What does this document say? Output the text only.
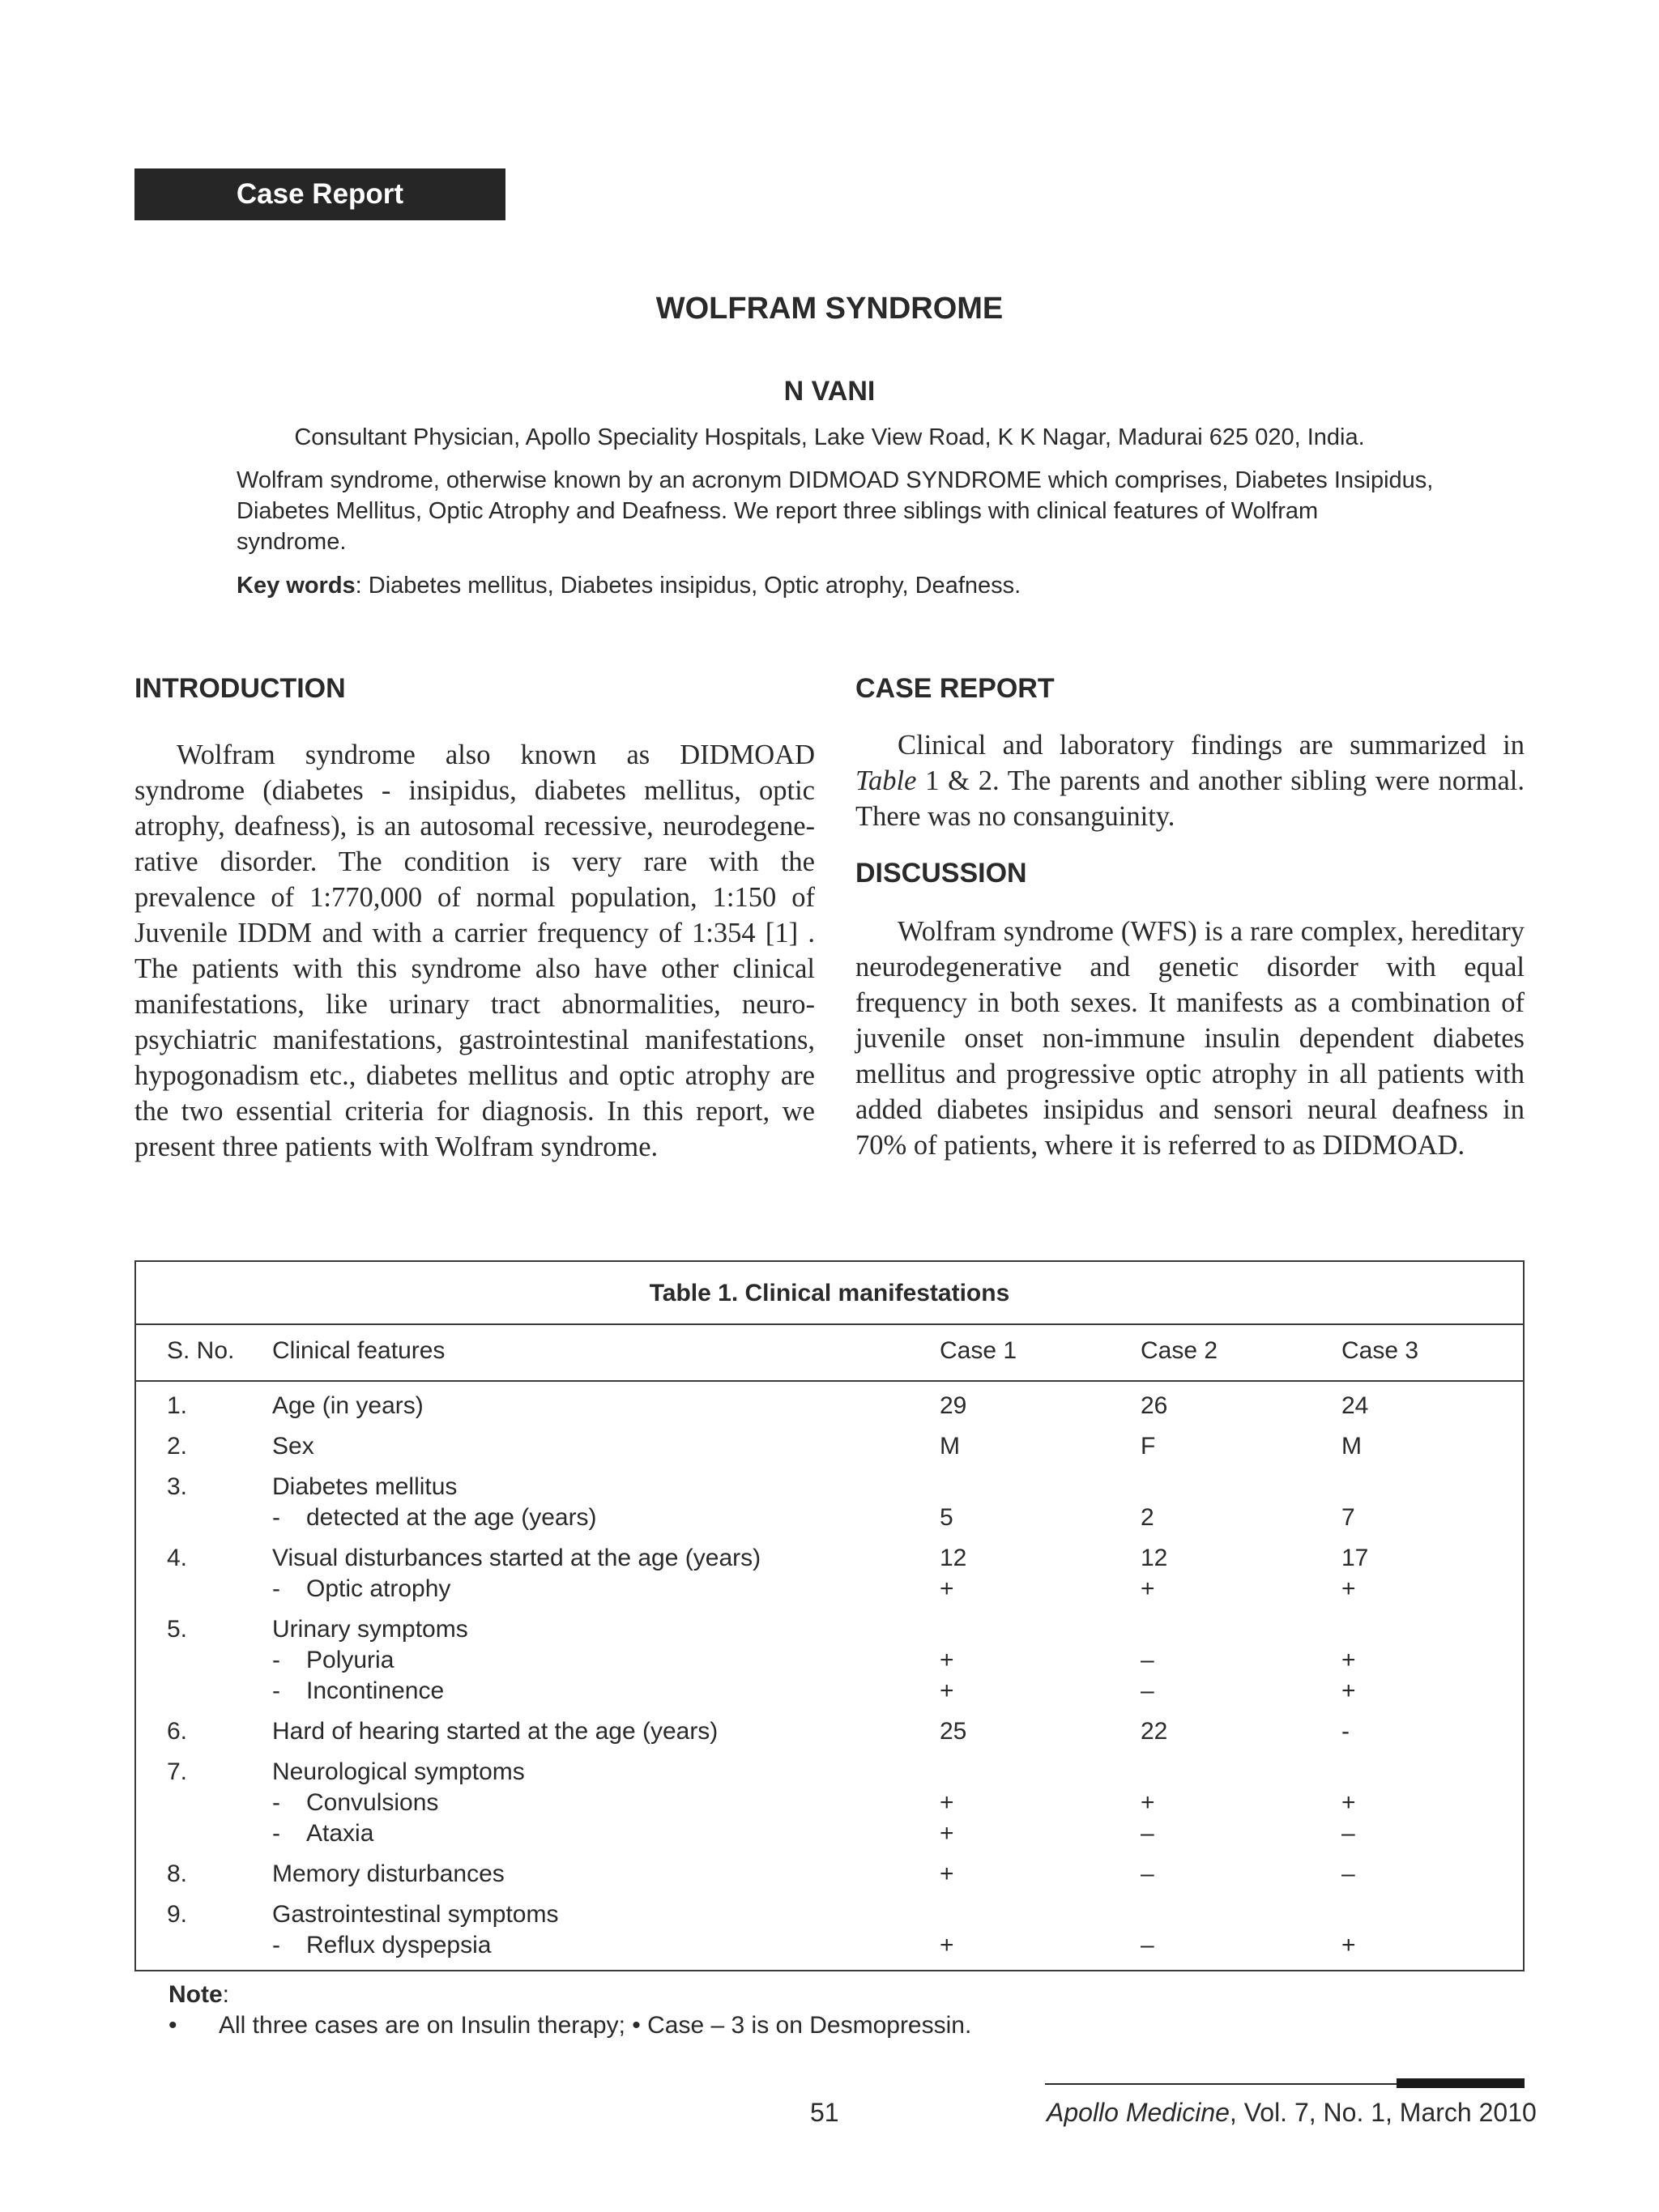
Case Report
WOLFRAM SYNDROME
N VANI
Consultant Physician, Apollo Speciality Hospitals, Lake View Road, K K Nagar, Madurai 625 020, India.
Wolfram syndrome, otherwise known by an acronym DIDMOAD SYNDROME which comprises, Diabetes Insipidus, Diabetes Mellitus, Optic Atrophy and Deafness. We report three siblings with clinical features of Wolfram syndrome.
Key words: Diabetes mellitus, Diabetes insipidus, Optic atrophy, Deafness.
INTRODUCTION

Wolfram syndrome also known as DIDMOAD syndrome (diabetes - insipidus, diabetes mellitus, optic atrophy, deafness), is an autosomal recessive, neurodegene-rative disorder. The condition is very rare with the prevalence of 1:770,000 of normal population, 1:150 of Juvenile IDDM and with a carrier frequency of 1:354 [1] . The patients with this syndrome also have other clinical manifestations, like urinary tract abnormalities, neuro-psychiatric manifestations, gastrointestinal manifestations, hypogonadism etc., diabetes mellitus and optic atrophy are the two essential criteria for diagnosis. In this report, we present three patients with Wolfram syndrome.

CASE REPORT

Clinical and laboratory findings are summarized in Table 1 & 2. The parents and another sibling were normal. There was no consanguinity.

DISCUSSION

Wolfram syndrome (WFS) is a rare complex, hereditary neurodegenerative and genetic disorder with equal frequency in both sexes. It manifests as a combination of juvenile onset non-immune insulin dependent diabetes mellitus and progressive optic atrophy in all patients with added diabetes insipidus and sensori neural deafness in 70% of patients, where it is referred to as DIDMOAD.

Table 1. Clinical manifestations
S. No. Clinical features	Case 1	Case 2	Case 3
1.	Age (in years)	29	26	24
2.	Sex	M	F	M
3.	Diabetes mellitus
- detected at the age (years)	5	2	7
4.	Visual disturbances started at the age (years)	12	12	17
- Optic atrophy	+	+	+
5.	Urinary symptoms
- Polyuria	+	–	+
- Incontinence	+	–	+
6.	Hard of hearing started at the age (years)	25	22	-
7.	Neurological symptoms
- Convulsions	+	+	+
- Ataxia	+	–	–
8.	Memory disturbances	+	–	–
9.	Gastrointestinal symptoms
- Reflux dyspepsia	+	–	+
Note:
• All three cases are on Insulin therapy; • Case – 3 is on Desmopressin.
51	Apollo Medicine, Vol. 7, No. 1, March 2010
